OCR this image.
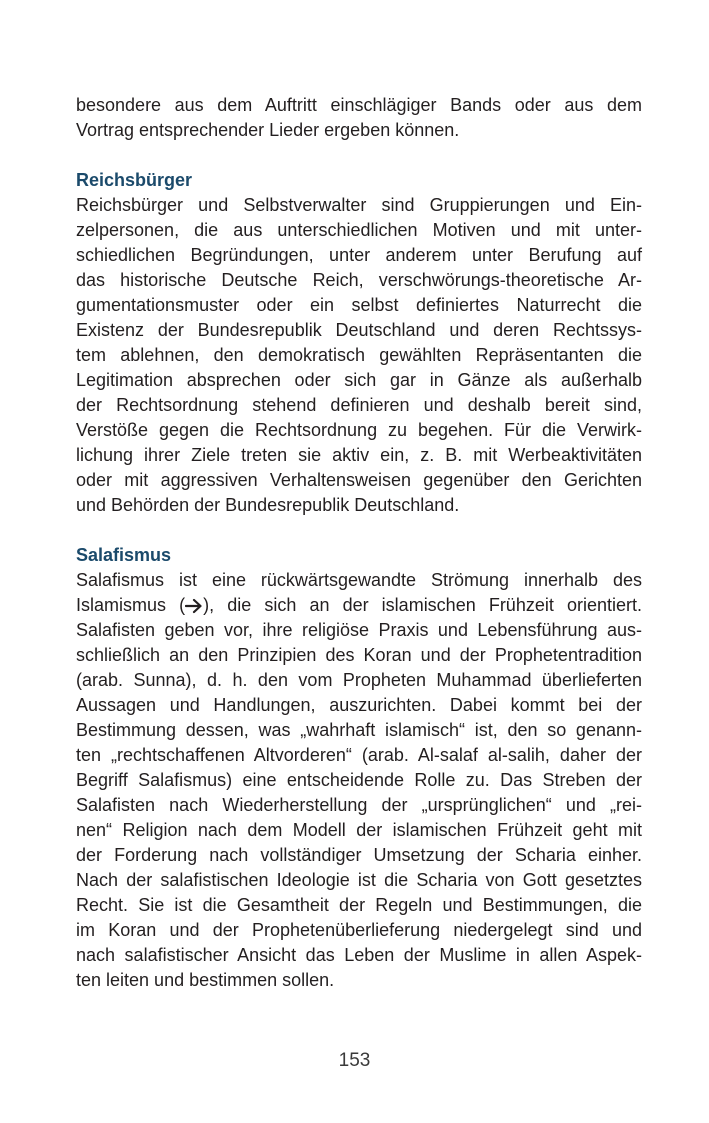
besondere aus dem Auftritt einschlägiger Bands oder aus dem
Vortrag entsprechender Lieder ergeben können.
Reichsbürger
Reichsbürger und Selbstverwalter sind Gruppierungen und Ein-
zelpersonen, die aus unterschiedlichen Motiven und mit unter-
schiedlichen Begründungen, unter anderem unter Berufung auf
das historische Deutsche Reich, verschwörungs-theoretische Ar-
gumentationsmuster oder ein selbst definiertes Naturrecht die
Existenz der Bundesrepublik Deutschland und deren Rechtssys-
tem ablehnen, den demokratisch gewählten Repräsentanten die
Legitimation absprechen oder sich gar in Gänze als außerhalb
der Rechtsordnung stehend definieren und deshalb bereit sind,
Verstöße gegen die Rechtsordnung zu begehen. Für die Verwirk-
lichung ihrer Ziele treten sie aktiv ein, z. B. mit Werbeaktivitäten
oder mit aggressiven Verhaltensweisen gegenüber den Gerichten
und Behörden der Bundesrepublik Deutschland.
Salafismus
Salafismus ist eine rückwärtsgewandte Strömung innerhalb des
Islamismus ( ), die sich an der islamischen Frühzeit orientiert.
Salafisten geben vor, ihre religiöse Praxis und Lebensführung aus-
schließlich an den Prinzipien des Koran und der Prophetentradition
(arab. Sunna), d. h. den vom Propheten Muhammad überlieferten
Aussagen und Handlungen, auszurichten. Dabei kommt bei der
Bestimmung dessen, was „wahrhaft islamisch“ ist, den so genann-
ten „rechtschaffenen Altvorderen“ (arab. Al-salaf al-salih, daher der
Begriff Salafismus) eine entscheidende Rolle zu. Das Streben der
Salafisten nach Wiederherstellung der „ursprünglichen“ und „rei-
nen“ Religion nach dem Modell der islamischen Frühzeit geht mit
der Forderung nach vollständiger Umsetzung der Scharia einher.
Nach der salafistischen Ideologie ist die Scharia von Gott gesetztes
Recht. Sie ist die Gesamtheit der Regeln und Bestimmungen, die
im Koran und der Prophetenüberlieferung niedergelegt sind und
nach salafistischer Ansicht das Leben der Muslime in allen Aspek-
ten leiten und bestimmen sollen.
153
